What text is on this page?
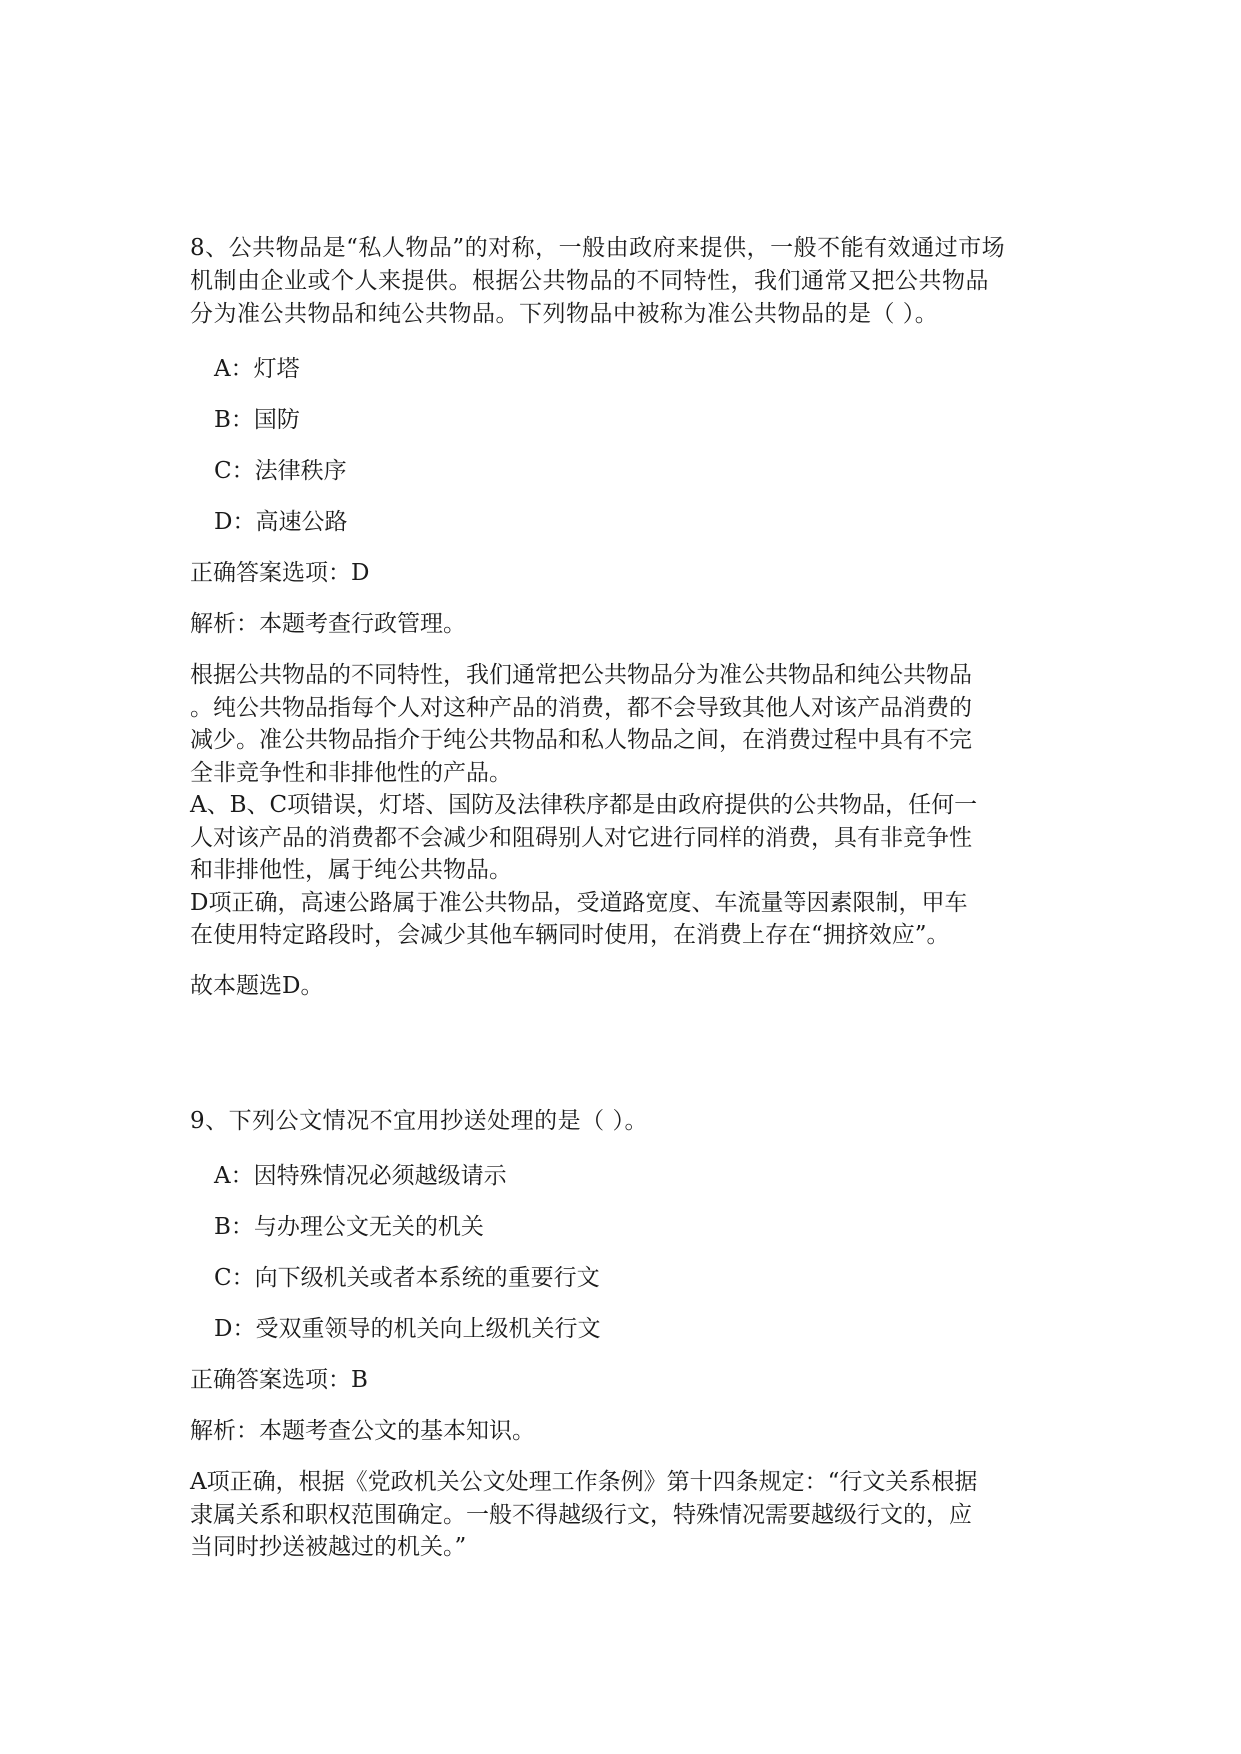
8、公共物品是“私人物品”的对称，一般由政府来提供，一般不能有效通过市场

机制由企业或个人来提供。根据公共物品的不同特性，我们通常又把公共物品

分为准公共物品和纯公共物品。下列物品中被称为准公共物品的是（ ）。

A：灯塔
B：国防
C：法律秩序
D：高速公路

正确答案选项：D

解析：本题考查行政管理。

根据公共物品的不同特性，我们通常把公共物品分为准公共物品和纯公共物品

。纯公共物品指每个人对这种产品的消费，都不会导致其他人对该产品消费的

减少。准公共物品指介于纯公共物品和私人物品之间，在消费过程中具有不完

全非竞争性和非排他性的产品。

A、B、C项错误，灯塔、国防及法律秩序都是由政府提供的公共物品，任何一

人对该产品的消费都不会减少和阻碍别人对它进行同样的消费，具有非竞争性

和非排他性，属于纯公共物品。

D项正确，高速公路属于准公共物品，受道路宽度、车流量等因素限制，甲车

在使用特定路段时，会减少其他车辆同时使用，在消费上存在“拥挤效应”。

故本题选D。

9、下列公文情况不宜用抄送处理的是（ ）。

A：因特殊情况必须越级请示
B：与办理公文无关的机关
C：向下级机关或者本系统的重要行文
D：受双重领导的机关向上级机关行文

正确答案选项：B

解析：本题考查公文的基本知识。

A项正确，根据《党政机关公文处理工作条例》第十四条规定：“行文关系根据

隶属关系和职权范围确定。一般不得越级行文，特殊情况需要越级行文的，应

当同时抄送被越过的机关。”
